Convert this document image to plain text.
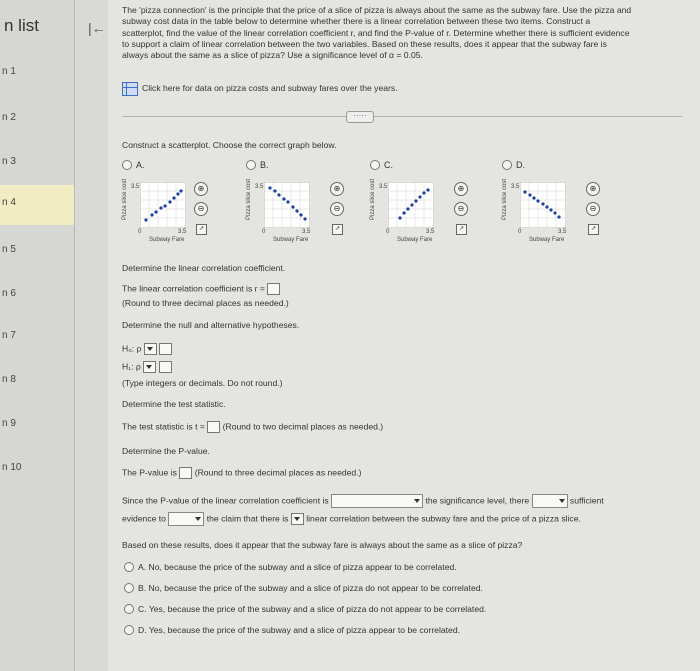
n list
n 1
n 2
n 3
n 4
n 5
n 6
n 7
n 8
n 9
n 10
|←
The 'pizza connection' is the principle that the price of a slice of pizza is always about the same as the subway fare. Use the pizza and subway cost data in the table below to determine whether there is a linear correlation between these two items. Construct a scatterplot, find the value of the linear correlation coefficient r, and find the P-value of r. Determine whether there is sufficient evidence to support a claim of linear correlation between the two variables. Based on these results, does it appear that the subway fare is always about the same as a slice of pizza? Use a significance level of α = 0.05.
Click here for data on pizza costs and subway fares over the years.
·····
Construct a scatterplot. Choose the correct graph below.
A.
Pizza slice cost 3.5
0	3.5
Subway Fare
⊕
⊖
↗
B.
Pizza slice cost 3.5
0	3.5
Subway Fare
⊕
⊖
↗
C.
Pizza slice cost 3.5
0	3.5
Subway Fare
⊕
⊖
↗
D.
Pizza slice cost 3.5
0	3.5
Subway Fare
⊕
⊖
↗
Determine the linear correlation coefficient.
The linear correlation coefficient is r =
(Round to three decimal places as needed.)
Determine the null and alternative hypotheses.
H₀: ρ
H₁: ρ
(Type integers or decimals. Do not round.)
Determine the test statistic.
The test statistic is t = (Round to two decimal places as needed.)
Determine the P-value.
The P-value is (Round to three decimal places as needed.)
Since the P-value of the linear correlation coefficient is	the significance level, there	sufficient
evidence to	the claim that there is linear correlation between the subway fare and the price of a pizza slice.
Based on these results, does it appear that the subway fare is always about the same as a slice of pizza?
A. No, because the price of the subway and a slice of pizza appear to be correlated.
B. No, because the price of the subway and a slice of pizza do not appear to be correlated.
C. Yes, because the price of the subway and a slice of pizza do not appear to be correlated.
D. Yes, because the price of the subway and a slice of pizza appear to be correlated.
